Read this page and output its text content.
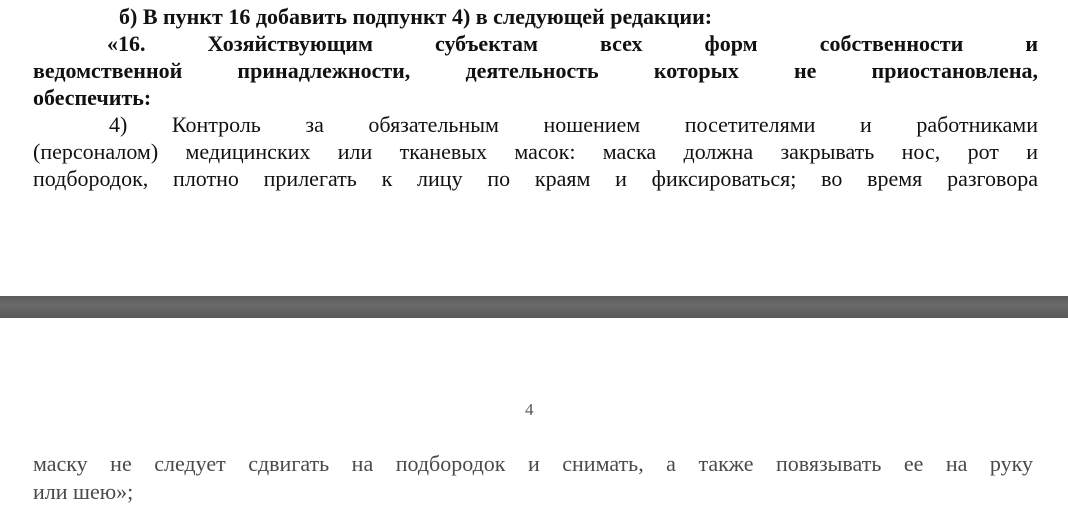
б) В пункт 16 добавить подпункт 4) в следующей редакции:
«16. Хозяйствующим субъектам всех форм собственности и
ведомственной принадлежности, деятельность которых не приостановлена,
обеспечить:
4) Контроль за обязательным ношением посетителями и работниками
(персоналом) медицинских или тканевых масок: маска должна закрывать нос, рот и
подбородок, плотно прилегать к лицу по краям и фиксироваться; во время разговора
4
маску не следует сдвигать на подбородок и снимать, а также повязывать ее на руку
или шею»;
